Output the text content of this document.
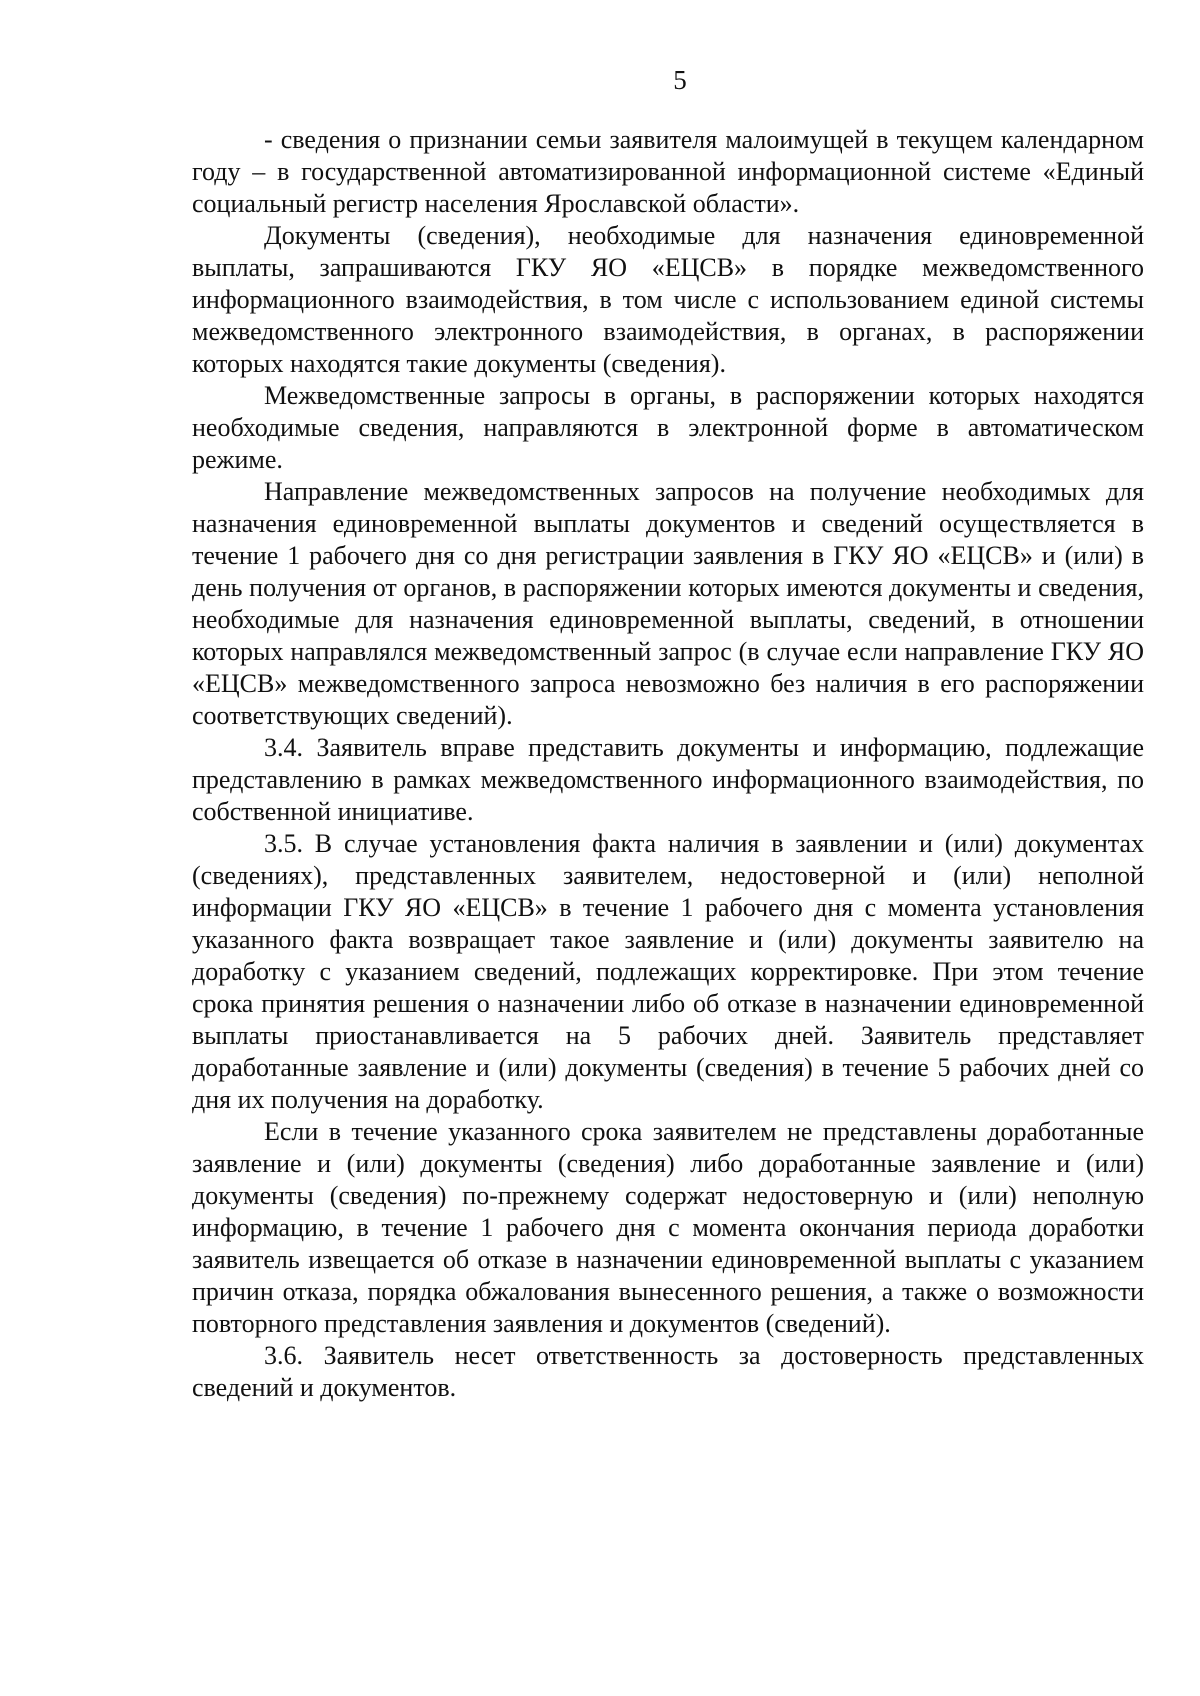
5

- сведения о признании семьи заявителя малоимущей в текущем календарном году – в государственной автоматизированной информационной системе «Единый социальный регистр населения Ярославской области».

Документы (сведения), необходимые для назначения единовременной выплаты, запрашиваются ГКУ ЯО «ЕЦСВ» в порядке межведомственного информационного взаимодействия, в том числе с использованием единой системы межведомственного электронного взаимодействия, в органах, в распоряжении которых находятся такие документы (сведения).

Межведомственные запросы в органы, в распоряжении которых находятся необходимые сведения, направляются в электронной форме в автоматическом режиме.

Направление межведомственных запросов на получение необходимых для назначения единовременной выплаты документов и сведений осуществляется в течение 1 рабочего дня со дня регистрации заявления в ГКУ ЯО «ЕЦСВ» и (или) в день получения от органов, в распоряжении которых имеются документы и сведения, необходимые для назначения единовременной выплаты, сведений, в отношении которых направлялся межведомственный запрос (в случае если направление ГКУ ЯО «ЕЦСВ» межведомственного запроса невозможно без наличия в его распоряжении соответствующих сведений).

3.4. Заявитель вправе представить документы и информацию, подлежащие представлению в рамках межведомственного информационного взаимодействия, по собственной инициативе.

3.5. В случае установления факта наличия в заявлении и (или) документах (сведениях), представленных заявителем, недостоверной и (или) неполной информации ГКУ ЯО «ЕЦСВ» в течение 1 рабочего дня с момента установления указанного факта возвращает такое заявление и (или) документы заявителю на доработку с указанием сведений, подлежащих корректировке. При этом течение срока принятия решения о назначении либо об отказе в назначении единовременной выплаты приостанавливается на 5 рабочих дней. Заявитель представляет доработанные заявление и (или) документы (сведения) в течение 5 рабочих дней со дня их получения на доработку.

Если в течение указанного срока заявителем не представлены доработанные заявление и (или) документы (сведения) либо доработанные заявление и (или) документы (сведения) по-прежнему содержат недостоверную и (или) неполную информацию, в течение 1 рабочего дня с момента окончания периода доработки заявитель извещается об отказе в назначении единовременной выплаты с указанием причин отказа, порядка обжалования вынесенного решения, а также о возможности повторного представления заявления и документов (сведений).

3.6. Заявитель несет ответственность за достоверность представленных сведений и документов.
